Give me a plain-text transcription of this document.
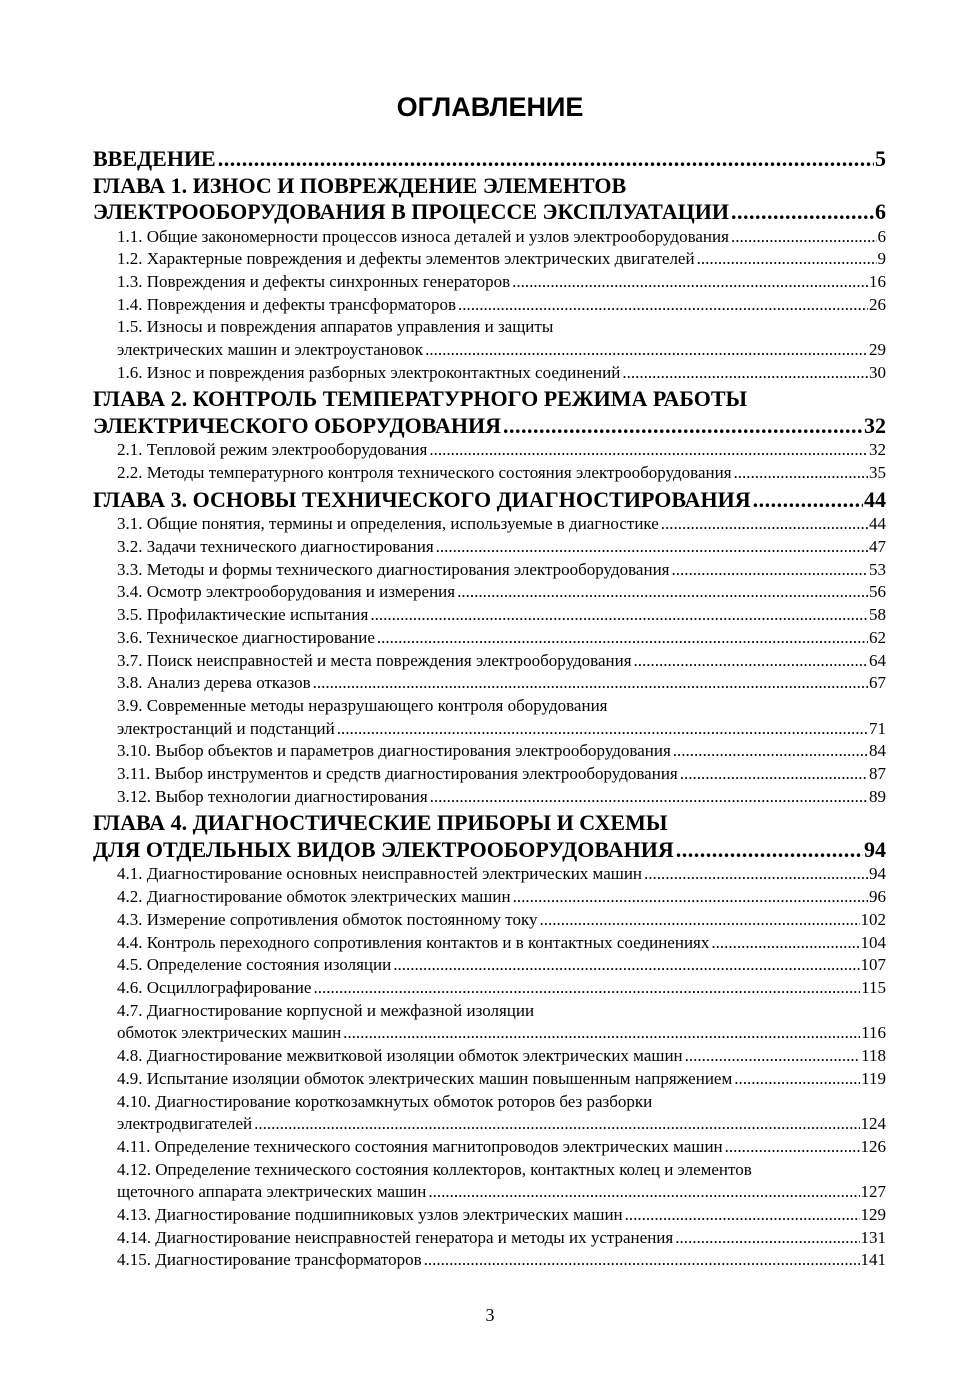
ОГЛАВЛЕНИЕ
ВВЕДЕНИЕ .....	5
ГЛАВА 1. ИЗНОС И ПОВРЕЖДЕНИЕ ЭЛЕМЕНТОВ
ЭЛЕКТРООБОРУДОВАНИЯ В ПРОЦЕССЕ ЭКСПЛУАТАЦИИ .....	6
1.1. Общие закономерности процессов износа деталей и узлов электрооборудования .....	6
1.2. Характерные повреждения и дефекты элементов электрических двигателей .....	9
1.3. Повреждения и дефекты синхронных генераторов .....	16
1.4. Повреждения и дефекты трансформаторов .....	26
1.5. Износы и повреждения аппаратов управления и защиты
электрических машин и электроустановок .....	29
1.6. Износ и повреждения разборных электроконтактных соединений .....	30
ГЛАВА 2. КОНТРОЛЬ ТЕМПЕРАТУРНОГО РЕЖИМА РАБОТЫ
ЭЛЕКТРИЧЕСКОГО ОБОРУДОВАНИЯ .....	32
2.1. Тепловой режим электрооборудования .....	32
2.2. Методы температурного контроля технического состояния электрооборудования .....	35
ГЛАВА 3. ОСНОВЫ ТЕХНИЧЕСКОГО ДИАГНОСТИРОВАНИЯ .....	44
3.1. Общие понятия, термины и определения, используемые в диагностике .....	44
3.2. Задачи технического диагностирования .....	47
3.3. Методы и формы технического диагностирования электрооборудования .....	53
3.4. Осмотр электрооборудования и измерения .....	56
3.5. Профилактические испытания .....	58
3.6. Техническое диагностирование .....	62
3.7. Поиск неисправностей и места повреждения электрооборудования .....	64
3.8. Анализ дерева отказов .....	67
3.9. Современные методы неразрушающего контроля оборудования
электростанций и подстанций .....	71
3.10. Выбор объектов и параметров диагностирования электрооборудования .....	84
3.11. Выбор инструментов и средств диагностирования электрооборудования .....	87
3.12. Выбор технологии диагностирования .....	89
ГЛАВА 4. ДИАГНОСТИЧЕСКИЕ ПРИБОРЫ И СХЕМЫ
ДЛЯ ОТДЕЛЬНЫХ ВИДОВ ЭЛЕКТРООБОРУДОВАНИЯ .....	94
4.1. Диагностирование основных неисправностей электрических машин .....	94
4.2. Диагностирование обмоток электрических машин .....	96
4.3. Измерение сопротивления обмоток постоянному току .....	102
4.4. Контроль переходного сопротивления контактов и в контактных соединениях .....	104
4.5. Определение состояния изоляции .....	107
4.6. Осциллографирование .....	115
4.7. Диагностирование корпусной и межфазной изоляции
обмоток электрических машин .....	116
4.8. Диагностирование межвитковой изоляции обмоток электрических машин .....	118
4.9. Испытание изоляции обмоток электрических машин повышенным напряжением .....	119
4.10. Диагностирование короткозамкнутых обмоток роторов без разборки
электродвигателей .....	124
4.11. Определение технического состояния магнитопроводов электрических машин .....	126
4.12. Определение технического состояния коллекторов, контактных колец и элементов
щеточного аппарата электрических машин .....	127
4.13. Диагностирование подшипниковых узлов электрических машин .....	129
4.14. Диагностирование неисправностей генератора и методы их устранения .....	131
4.15. Диагностирование трансформаторов .....	141
3
